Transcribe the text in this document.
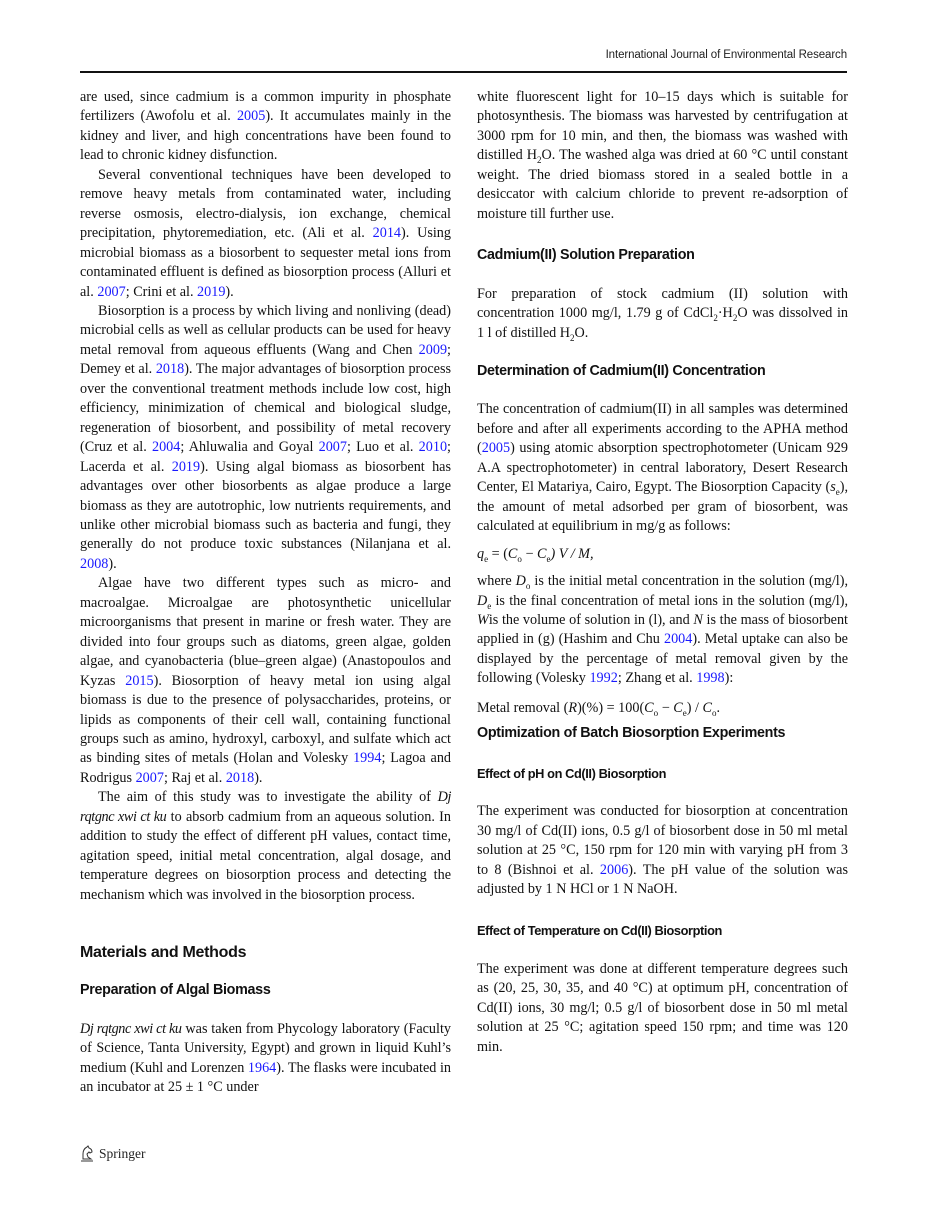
International Journal of Environmental Research

are used, since cadmium is a common impurity in phosphate fertilizers (Awofolu et al. 2005). It accumulates mainly in the kidney and liver, and high concentrations have been found to lead to chronic kidney disfunction.

Several conventional techniques have been developed to remove heavy metals from contaminated water, including reverse osmosis, electro-dialysis, ion exchange, chemical precipitation, phytoremediation, etc. (Ali et al. 2014). Using microbial biomass as a biosorbent to sequester metal ions from contaminated effluent is defined as biosorption process (Alluri et al. 2007; Crini et al. 2019).

Biosorption is a process by which living and nonliving (dead) microbial cells as well as cellular products can be used for heavy metal removal from aqueous effluents (Wang and Chen 2009; Demey et al. 2018). The major advantages of biosorption process over the conventional treatment methods include low cost, high efficiency, minimization of chemical and biological sludge, regeneration of biosorbent, and possibility of metal recovery (Cruz et al. 2004; Ahluwalia and Goyal 2007; Luo et al. 2010; Lacerda et al. 2019). Using algal biomass as biosorbent has advantages over other biosorbents as algae produce a large biomass as they are autotrophic, low nutrients requirements, and unlike other microbial biomass such as bacteria and fungi, they generally do not produce toxic substances (Nilanjana et al. 2008).

Algae have two different types such as micro- and macroalgae. Microalgae are photosynthetic unicellular microorganisms that present in marine or fresh water. They are divided into four groups such as diatoms, green algae, golden algae, and cyanobacteria (blue–green algae) (Anastopoulos and Kyzas 2015). Biosorption of heavy metal ion using algal biomass is due to the presence of polysaccharides, proteins, or lipids as components of their cell wall, containing functional groups such as amino, hydroxyl, carboxyl, and sulfate which act as binding sites of metals (Holan and Volesky 1994; Lagoa and Rodrigus 2007; Raj et al. 2018).

The aim of this study was to investigate the ability of Dj rqtgnc xwi ct ku to absorb cadmium from an aqueous solution. In addition to study the effect of different pH values, contact time, agitation speed, initial metal concentration, algal dosage, and temperature degrees on biosorption process and detecting the mechanism which was involved in the biosorption process.

Materials and Methods
Preparation of Algal Biomass

Dj rqtgnc xwi ct ku was taken from Phycology laboratory (Faculty of Science, Tanta University, Egypt) and grown in liquid Kuhl’s medium (Kuhl and Lorenzen 1964). The flasks were incubated in an incubator at 25 ± 1 °C under

white fluorescent light for 10–15 days which is suitable for photosynthesis. The biomass was harvested by centrifugation at 3000 rpm for 10 min, and then, the biomass was washed with distilled $H_2O$. The washed alga was dried at 60 °C until constant weight. The dried biomass stored in a sealed bottle in a desiccator with calcium chloride to prevent re-adsorption of moisture till further use.

Cadmium(II) Solution Preparation

For preparation of stock cadmium (II) solution with concentration 1000 mg/l, 1.79 g of $CdCl_2\cdot H_2O$ was dissolved in 1 l of distilled $H_2O$.

Determination of Cadmium(II) Concentration

The concentration of cadmium(II) in all samples was determined before and after all experiments according to the APHA method (2005) using atomic absorption spectrophotometer (Unicam 929 A.A spectrophotometer) in central laboratory, Desert Research Center, El Matariya, Cairo, Egypt. The Biosorption Capacity $(s_e)$, the amount of metal adsorbed per gram of biosorbent, was calculated at equilibrium in mg/g as follows:

$q_e = (C_o - C_e)$ V / M,

where $D_o$ is the initial metal concentration in the solution (mg/l), $D_e$ is the final concentration of metal ions in the solution (mg/l), Wis the volume of solution in (l), and N is the mass of biosorbent applied in (g) (Hashim and Chu 2004). Metal uptake can also be displayed by the percentage of metal removal given by the following (Volesky 1992; Zhang et al. 1998):

Metal removal $(R)(\%) = 100(C_o - C_e) / C_o$.

Optimization of Batch Biosorption Experiments
Effect of pH on Cd(II) Biosorption

The experiment was conducted for biosorption at concentration 30 mg/l of Cd(II) ions, 0.5 g/l of biosorbent dose in 50 ml metal solution at 25 °C, 150 rpm for 120 min with varying pH from 3 to 8 (Bishnoi et al. 2006). The pH value of the solution was adjusted by 1 N HCl or 1 N NaOH.

Effect of Temperature on Cd(II) Biosorption

The experiment was done at different temperature degrees such as (20, 25, 30, 35, and 40 °C) at optimum pH, concentration of Cd(II) ions, 30 mg/l; 0.5 g/l of biosorbent dose in 50 ml metal solution at 25 °C; agitation speed 150 rpm; and time was 120 min.

Springer
